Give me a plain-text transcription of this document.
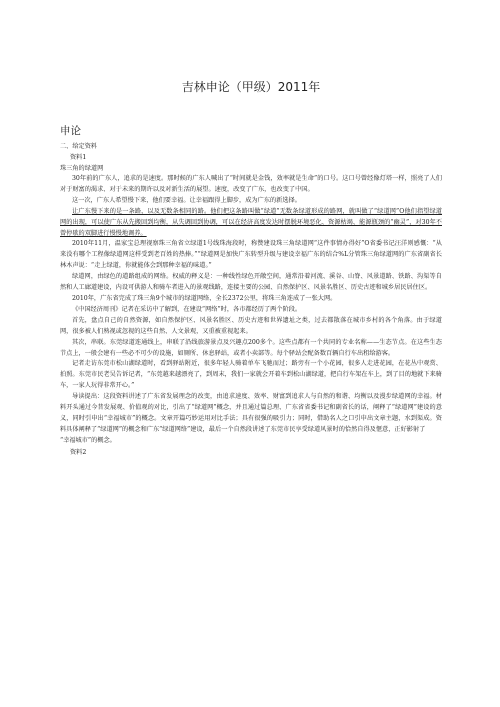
吉林申论（甲级）2011年
申论

二、给定资料

资料1

珠三角的绿道网

30年前的广东人，追求的是速度。那时候的广东人喊出了“时间就是金钱，效率就是生命”的口号。这口号曾经像灯塔一样，照亮了人们对于财富的渴求、对于未来的期许以及对新生活的展望。速度，改变了广东，也改变了中国。

这一次，广东人希望慢下来，他们要幸福。让幸福跟得上脚步，成为广东的新选择。

让广东慢下来的是一条路，以及无数条相同的路。他们把这条路叫做“绿道”无数条绿道形成的路网，就叫做了“绿道网”O他们指望绿道网的出现，可以使广东从先搬回到均衡，从失调回到协调，可以在经济高度发达时摆脱环境恶化、资源枯竭、能源瓶颈的“幽灵”，对30年不曾停歇的双脚进行慢慢地调养。

2010年11月，温家宝总理视察珠三角省立绿道1号线珠海段时，称赞建设珠三角绿道网“这件事情办得好”O省委书记汪洋则感慨：“从来没有哪个工程像绿道网这样受到老百姓的热捧。”“绿道网是加快广东转型升级与建设幸福广东的结合%L分管珠三角绿道网的广东省副省长林木声说：“走上绿道，你就能体会到那种幸福的味道。”

绿道网，由绿色的道路组成的网络。权威的释义是：一种线性绿色开敞空间，通常沿着河流、溪谷、山脊、风景道路、铁路、沟渠等自然和人工廊道建设，内设可供游人和骑车者进入的景观线路，连接主要的公园、自然保护区、风景名胜区、历史古迹和城乡居民居住区。

2010年，广东省完成了珠三角9个城市的绿道网络，全长2372公里，将珠三角连成了一张大网。

《中国经济周刊》记者在采访中了解到，在建设“网络”时，各市都经历了两个阶段。

首先，盘点自己的自然资源，如自然保护区、风景名胜区、历史古迹和世界遗址之类，过去都散落在城市乡村的各个角落。由于绿道网，很多被人们熟视或忽视的这些自然、人文景观，又重被重视起来。

其次，串联。东莞绿道连通线上，串联了沿线旅游景点及兴趣点200多个。这些点都有一个共同的专业名称——生态节点。在这些生态节点上，一般会建有一些必不可少的设施，如厕所、休息驿站，或者小卖部等。每个驿站会配备数百辆自行车出租给游客。

记者走访东莞市松山湖绿道时，看到驿站附近，很多年轻人骑着单车飞驰而过；路旁有一个小花园，很多人走进花园，在花丛中观赏、拍照。东莞市民老吴告诉记者，“东莞越来越漂亮了，到周末，我们一家就会开着车到松山湖绿道，把自行车架在车上，到了目的地就下来骑车，一家人玩得非常开心。”

导读提出：这段资料讲述了广东省发展理念的改变，由追求速度、效率、财富到追求人与自然的和谐、均衡以及漫步绿道网的幸福。材料开头通过今昔发展观、价值观的对比，引出了“绿道网”概念，并且通过篇总理、广东省省委书记和副省长的话，阐释了“绿道网”建设的意义，同时引申出“幸福城市”的概念。文章开篇巧妙运用对比手法；具有很强的吸引力；同时，借助名人之口引申出文章主题，水到渠成。资料具体阐释了“绿道网”的概念和广东“绿道网络”建设，最后一个自然段讲述了东莞市民享受绿道风景时的恰然自得及惬意，正好影射了

“幸福城市”的概念。

资料2
